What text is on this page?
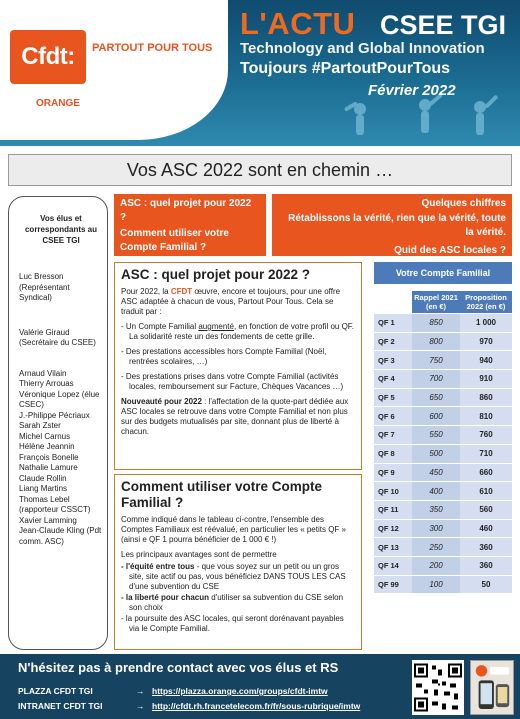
Cfdt:	PARTOUT POUR TOUS
ORANGE
L'ACTU CSEE TGI
Technology and Global Innovation
Toujours #PartoutPourTous
Février 2022
Vos ASC 2022 sont en chemin …
Vos élus et correspondants au CSEE TGI
Luc Bresson (Représentant Syndical)
Valérie Giraud (Secrétaire du CSEE)
Arnaud Vilain
Thierry Arrouas
Véronique Lopez (élue CSEC)
J.-Philippe Pécriaux
Sarah Zster
Michel Carnus
Hélène Jeannin
François Bonelle
Nathalie Lamure
Claude Rollin
Liang Martins
Thomas Lebel (rapporteur CSSCT)
Xavier Lamming
Jean-Claude Kling (Pdt comm. ASC)
ASC : quel projet pour 2022 ?
Comment utiliser votre Compte Familial ?
Quelques chiffres
Rétablissons la vérité, rien que la vérité, toute la vérité.
Quid des ASC locales ?
ASC : quel projet pour 2022 ?
Pour 2022, la CFDT œuvre, encore et toujours, pour une offre ASC adaptée à chacun de vous, Partout Pour Tous. Cela se traduit par :
- Un Compte Familial augmenté, en fonction de votre profil ou QF. La solidarité reste un des fondements de cette grille.
- Des prestations accessibles hors Compte Familial (Noël, rentrées scolaires, …)
- Des prestations prises dans votre Compte Familial (activités locales, remboursement sur Facture, Chèques Vacances …)
Nouveauté pour 2022 : l'affectation de la quote-part dédiée aux ASC locales se retrouve dans votre Compte Familial et non plus sur des budgets mutualisés par site, donnant plus de liberté à chacun.
Comment utiliser votre Compte Familial ?
Comme indiqué dans le tableau ci-contre, l'ensemble des Comptes Familiaux est réévalué, en particulier les « petits QF » (ainsi e QF 1 pourra bénéficier de 1 000 € !)
Les principaux avantages sont de permettre
- l'équité entre tous - que vous soyez sur un petit ou un gros site, site actif ou pas, vous bénéficiez DANS TOUS LES CAS d'une subvention du CSE
- la liberté pour chacun d'utiliser sa subvention du CSE selon son choix
- la poursuite des ASC locales, qui seront dorénavant payables via le Compte Familial.
Votre Compte Familial
	Rappel 2021 (en €)	Proposition 2022 (en €)
QF 1	850	1 000
QF 2	800	970
QF 3	750	940
QF 4	700	910
QF 5	650	860
QF 6	600	810
QF 7	550	760
QF 8	500	710
QF 9	450	660
QF 10	400	610
QF 11	350	560
QF 12	300	460
QF 13	250	360
QF 14	200	360
QF 99	100	50
N'hésitez pas à prendre contact avec vos élus et RS
PLAZZA CFDT TGI	→ https://plazza.orange.com/groups/cfdt-imtw
INTRANET CFDT TGI	→ http://cfdt.rh.francetelecom.fr/fr/sous-rubrique/imtw
